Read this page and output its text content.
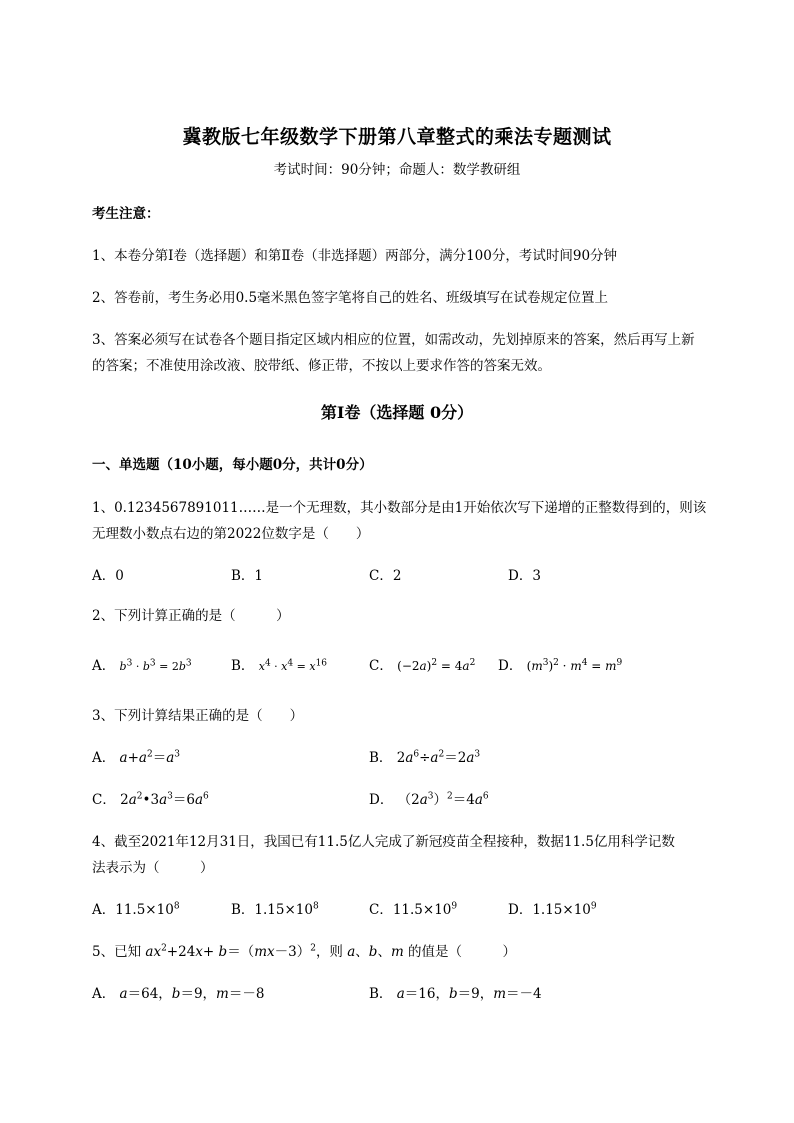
冀教版七年级数学下册第八章整式的乘法专题测试
考试时间：90分钟；命题人：数学教研组
考生注意：
1、本卷分第Ⅰ卷（选择题）和第Ⅱ卷（非选择题）两部分，满分100分，考试时间90分钟
2、答卷前，考生务必用0.5毫米黑色签字笔将自己的姓名、班级填写在试卷规定位置上
3、答案必须写在试卷各个题目指定区域内相应的位置，如需改动，先划掉原来的答案，然后再写上新
的答案；不准使用涂改液、胶带纸、修正带，不按以上要求作答的答案无效。
第Ⅰ卷（选择题 0分）
一、单选题（10小题，每小题0分，共计0分）
1、0.1234567891011……是一个无理数，其小数部分是由1开始依次写下递增的正整数得到的，则该
无理数小数点右边的第2022位数字是（　　）
A．0	B．1	C．2	D．3
2、下列计算正确的是（　　　）
A． $b^3 \cdot b^3 = 2b^3$	B． $x^4 \cdot x^4 = x^{16}$	C． $(-2a)^2 = 4a^2$ D． $(m^3)^2 \cdot m^4 = m^9$
3、下列计算结果正确的是（　　）
A． $a+a^2=a^3$	B． $2a^6\div a^2=2a^3$
C． $2a^2•3a^3=6a^6$	D． $(2a^3)^2=4a^6$
4、截至2021年12月31日，我国已有11.5亿人完成了新冠疫苗全程接种，数据11.5亿用科学记数
法表示为（　　　）
A．$11.5\times 10^8$	B．$1.15\times 10^8$	C．$11.5\times 10^9$	D．$1.15\times 10^9$
5、已知 $ax^2+24x+ b=(mx-3)^2$，则 a、b、m 的值是（　　　）
A． a＝64，b＝9，m＝－8	B． a＝16，b＝9，m＝－4
